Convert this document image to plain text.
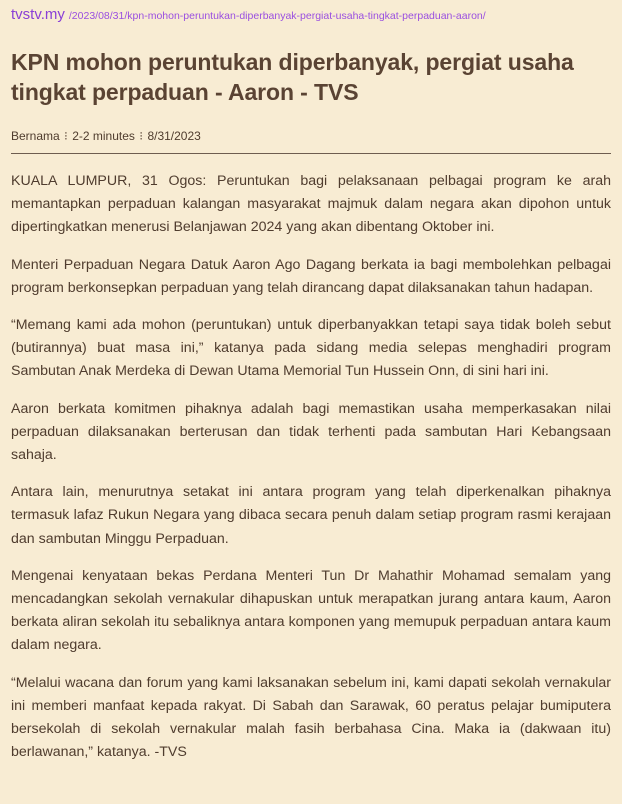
tvstv.my /2023/08/31/kpn-mohon-peruntukan-diperbanyak-pergiat-usaha-tingkat-perpaduan-aaron/
KPN mohon peruntukan diperbanyak, pergiat usaha tingkat perpaduan - Aaron - TVS
Bernama ⁝ 2-2 minutes ⁝ 8/31/2023

KUALA LUMPUR, 31 Ogos: Peruntukan bagi pelaksanaan pelbagai program ke arah memantapkan perpaduan kalangan masyarakat majmuk dalam negara akan dipohon untuk dipertingkatkan menerusi Belanjawan 2024 yang akan dibentang Oktober ini.

Menteri Perpaduan Negara Datuk Aaron Ago Dagang berkata ia bagi membolehkan pelbagai program berkonsepkan perpaduan yang telah dirancang dapat dilaksanakan tahun hadapan.

“Memang kami ada mohon (peruntukan) untuk diperbanyakkan tetapi saya tidak boleh sebut (butirannya) buat masa ini,” katanya pada sidang media selepas menghadiri program Sambutan Anak Merdeka di Dewan Utama Memorial Tun Hussein Onn, di sini hari ini.

Aaron berkata komitmen pihaknya adalah bagi memastikan usaha memperkasakan nilai perpaduan dilaksanakan berterusan dan tidak terhenti pada sambutan Hari Kebangsaan sahaja.

Antara lain, menurutnya setakat ini antara program yang telah diperkenalkan pihaknya termasuk lafaz Rukun Negara yang dibaca secara penuh dalam setiap program rasmi kerajaan dan sambutan Minggu Perpaduan.

Mengenai kenyataan bekas Perdana Menteri Tun Dr Mahathir Mohamad semalam yang mencadangkan sekolah vernakular dihapuskan untuk merapatkan jurang antara kaum, Aaron berkata aliran sekolah itu sebaliknya antara komponen yang memupuk perpaduan antara kaum dalam negara.

“Melalui wacana dan forum yang kami laksanakan sebelum ini, kami dapati sekolah vernakular ini memberi manfaat kepada rakyat. Di Sabah dan Sarawak, 60 peratus pelajar bumiputera bersekolah di sekolah vernakular malah fasih berbahasa Cina. Maka ia (dakwaan itu) berlawanan,” katanya. -TVS
